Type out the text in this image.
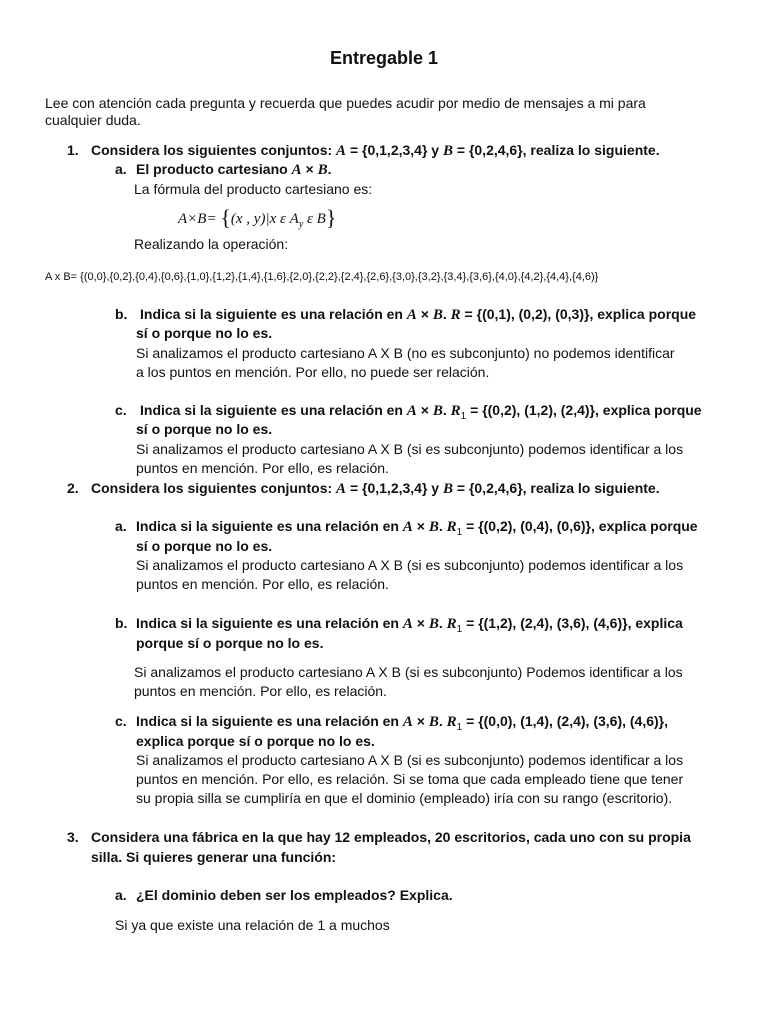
Entregable 1
Lee con atención cada pregunta y recuerda que puedes acudir por medio de mensajes a mi para
cualquier duda.
1. Considera los siguientes conjuntos: A = {0,1,2,3,4} y B = {0,2,4,6}, realiza lo siguiente.
a. El producto cartesiano A × B.
La fórmula del producto cartesiano es:
A×B= {(x , y)|x ε $A_y$ ε B}
Realizando la operación:
A x B= {(0,0},{0,2},{0,4},{0,6},{1,0},{1,2},{1,4},{1,6},{2,0},{2,2},{2,4},{2,6},{3,0},{3,2},{3,4},{3,6},{4,0},{4,2},{4,4},{4,6)}
b. Indica si la siguiente es una relación en A × B. R = {(0,1), (0,2), (0,3)}, explica porque
sí o porque no lo es.
Si analizamos el producto cartesiano A X B (no es subconjunto) no podemos identificar
a los puntos en mención. Por ello, no puede ser relación.
c. Indica si la siguiente es una relación en A × B. $R_1 = \{(0,2)$, (1,2), (2,4)}, explica porque
sí o porque no lo es.
Si analizamos el producto cartesiano A X B (si es subconjunto) podemos identificar a los
puntos en mención. Por ello, es relación.
2. Considera los siguientes conjuntos: A = {0,1,2,3,4} y B = {0,2,4,6}, realiza lo siguiente.
a. Indica si la siguiente es una relación en A × B. $R_1 = \{(0,2)$, (0,4), (0,6)}, explica porque
sí o porque no lo es.
Si analizamos el producto cartesiano A X B (si es subconjunto) podemos identificar a los
puntos en mención. Por ello, es relación.
b. Indica si la siguiente es una relación en A × B. $R_1 = \{(1,2)$, (2,4), (3,6), (4,6)}, explica
porque sí o porque no lo es.
Si analizamos el producto cartesiano A X B (si es subconjunto) Podemos identificar a los
puntos en mención. Por ello, es relación.
c. Indica si la siguiente es una relación en A × B. $R_1 = \{(0,0)$, (1,4), (2,4), (3,6), (4,6)},
explica porque sí o porque no lo es.
Si analizamos el producto cartesiano A X B (si es subconjunto) podemos identificar a los
puntos en mención. Por ello, es relación. Si se toma que cada empleado tiene que tener
su propia silla se cumpliría en que el dominio (empleado) iría con su rango (escritorio).
3. Considera una fábrica en la que hay 12 empleados, 20 escritorios, cada uno con su propia
silla. Si quieres generar una función:
a. ¿El dominio deben ser los empleados? Explica.
Si ya que existe una relación de 1 a muchos
